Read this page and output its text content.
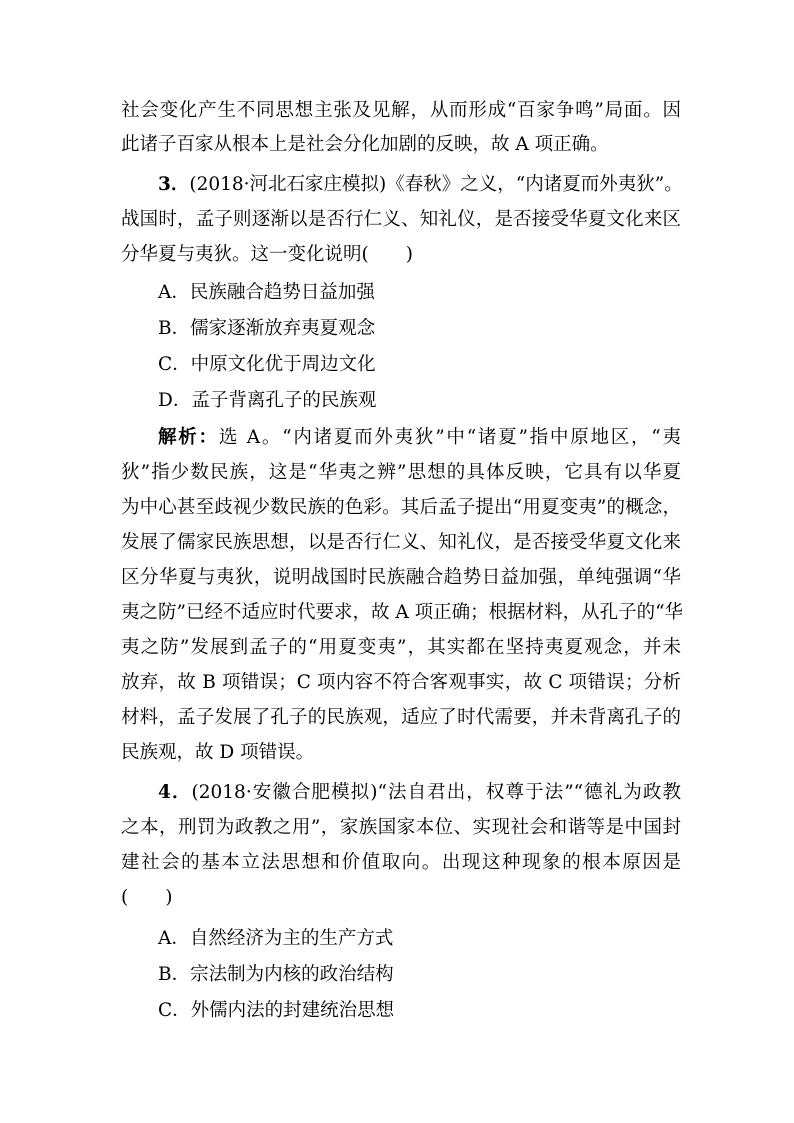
社会变化产生不同思想主张及见解，从而形成“百家争鸣”局面。因
此诸子百家从根本上是社会分化加剧的反映，故 A 项正确。
3．(2018·河北石家庄模拟)《春秋》之义，“内诸夏而外夷狄”。
战国时，孟子则逐渐以是否行仁义、知礼仪，是否接受华夏文化来区
分华夏与夷狄。这一变化说明(　　)
A．民族融合趋势日益加强
B．儒家逐渐放弃夷夏观念
C．中原文化优于周边文化
D．孟子背离孔子的民族观
解析：选 A。“内诸夏而外夷狄”中“诸夏”指中原地区，“夷
狄”指少数民族，这是“华夷之辨”思想的具体反映，它具有以华夏
为中心甚至歧视少数民族的色彩。其后孟子提出“用夏变夷”的概念，
发展了儒家民族思想，以是否行仁义、知礼仪，是否接受华夏文化来
区分华夏与夷狄，说明战国时民族融合趋势日益加强，单纯强调“华
夷之防”已经不适应时代要求，故 A 项正确；根据材料，从孔子的“华
夷之防”发展到孟子的“用夏变夷”，其实都在坚持夷夏观念，并未
放弃，故 B 项错误；C 项内容不符合客观事实，故 C 项错误；分析
材料，孟子发展了孔子的民族观，适应了时代需要，并未背离孔子的
民族观，故 D 项错误。
4．(2018·安徽合肥模拟)“法自君出，权尊于法”“德礼为政教
之本，刑罚为政教之用”，家族国家本位、实现社会和谐等是中国封
建社会的基本立法思想和价值取向。出现这种现象的根本原因是
(　　)
A．自然经济为主的生产方式
B．宗法制为内核的政治结构
C．外儒内法的封建统治思想
